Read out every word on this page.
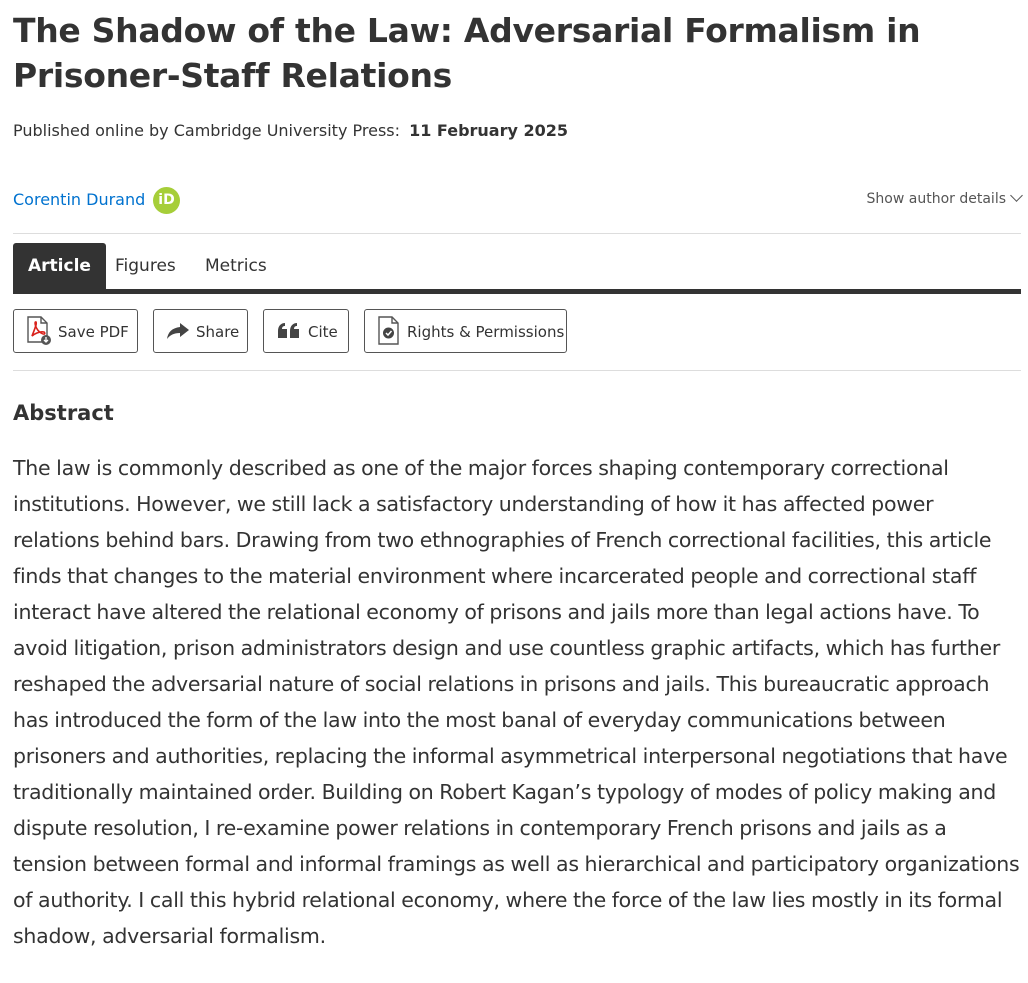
The Shadow of the Law: Adversarial Formalism in Prisoner-Staff Relations
Published online by Cambridge University Press: 11 February 2025
Corentin Durand iD	Show author details
Article	Figures Metrics
Save PDF	Share	Cite	Rights & Permissions
Abstract

The law is commonly described as one of the major forces shaping contemporary correctional institutions. However, we still lack a satisfactory understanding of how it has affected power relations behind bars. Drawing from two ethnographies of French correctional facilities, this article finds that changes to the material environment where incarcerated people and correctional staff interact have altered the relational economy of prisons and jails more than legal actions have. To avoid litigation, prison administrators design and use countless graphic artifacts, which has further reshaped the adversarial nature of social relations in prisons and jails. This bureaucratic approach has introduced the form of the law into the most banal of everyday communications between prisoners and authorities, replacing the informal asymmetrical interpersonal negotiations that have traditionally maintained order. Building on Robert Kagan’s typology of modes of policy making and dispute resolution, I re-examine power relations in contemporary French prisons and jails as a tension between formal and informal framings as well as hierarchical and participatory organizations of authority. I call this hybrid relational economy, where the force of the law lies mostly in its formal shadow, adversarial formalism.
